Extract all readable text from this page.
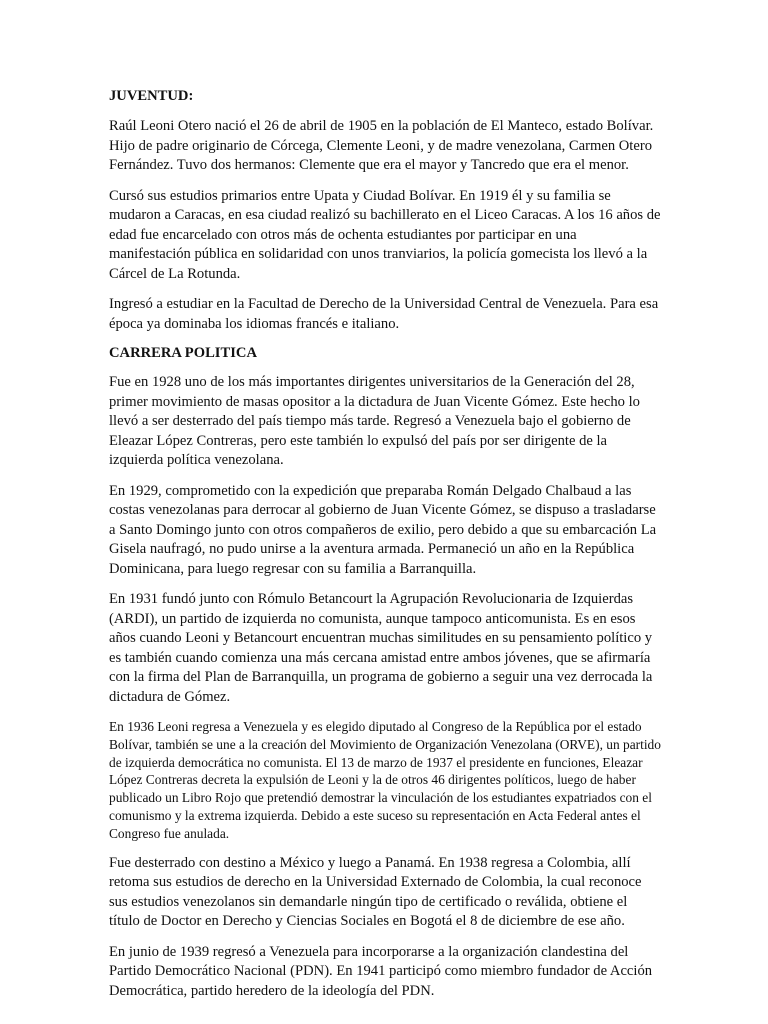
JUVENTUD:

Raúl Leoni Otero nació el 26 de abril de 1905 en la población de El Manteco, estado Bolívar. Hijo de padre originario de Córcega, Clemente Leoni, y de madre venezolana, Carmen Otero Fernández. Tuvo dos hermanos: Clemente que era el mayor y Tancredo que era el menor.

Cursó sus estudios primarios entre Upata y Ciudad Bolívar. En 1919 él y su familia se mudaron a Caracas, en esa ciudad realizó su bachillerato en el Liceo Caracas. A los 16 años de edad fue encarcelado con otros más de ochenta estudiantes por participar en una manifestación pública en solidaridad con unos tranviarios, la policía gomecista los llevó a la Cárcel de La Rotunda.

Ingresó a estudiar en la Facultad de Derecho de la Universidad Central de Venezuela. Para esa época ya dominaba los idiomas francés e italiano.

CARRERA POLITICA

Fue en 1928 uno de los más importantes dirigentes universitarios de la Generación del 28, primer movimiento de masas opositor a la dictadura de Juan Vicente Gómez. Este hecho lo llevó a ser desterrado del país tiempo más tarde. Regresó a Venezuela bajo el gobierno de Eleazar López Contreras, pero este también lo expulsó del país por ser dirigente de la izquierda política venezolana.

En 1929, comprometido con la expedición que preparaba Román Delgado Chalbaud a las costas venezolanas para derrocar al gobierno de Juan Vicente Gómez, se dispuso a trasladarse a Santo Domingo junto con otros compañeros de exilio, pero debido a que su embarcación La Gisela naufragó, no pudo unirse a la aventura armada. Permaneció un año en la República Dominicana, para luego regresar con su familia a Barranquilla.

En 1931 fundó junto con Rómulo Betancourt la Agrupación Revolucionaria de Izquierdas (ARDI), un partido de izquierda no comunista, aunque tampoco anticomunista. Es en esos años cuando Leoni y Betancourt encuentran muchas similitudes en su pensamiento político y es también cuando comienza una más cercana amistad entre ambos jóvenes, que se afirmaría con la firma del Plan de Barranquilla, un programa de gobierno a seguir una vez derrocada la dictadura de Gómez.

En 1936 Leoni regresa a Venezuela y es elegido diputado al Congreso de la República por el estado Bolívar, también se une a la creación del Movimiento de Organización Venezolana (ORVE), un partido de izquierda democrática no comunista. El 13 de marzo de 1937 el presidente en funciones, Eleazar López Contreras decreta la expulsión de Leoni y la de otros 46 dirigentes políticos, luego de haber publicado un Libro Rojo que pretendió demostrar la vinculación de los estudiantes expatriados con el comunismo y la extrema izquierda. Debido a este suceso su representación en Acta Federal antes el Congreso fue anulada.

Fue desterrado con destino a México y luego a Panamá. En 1938 regresa a Colombia, allí retoma sus estudios de derecho en la Universidad Externado de Colombia, la cual reconoce sus estudios venezolanos sin demandarle ningún tipo de certificado o reválida, obtiene el título de Doctor en Derecho y Ciencias Sociales en Bogotá el 8 de diciembre de ese año.

En junio de 1939 regresó a Venezuela para incorporarse a la organización clandestina del Partido Democrático Nacional (PDN). En 1941 participó como miembro fundador de Acción Democrática, partido heredero de la ideología del PDN.
